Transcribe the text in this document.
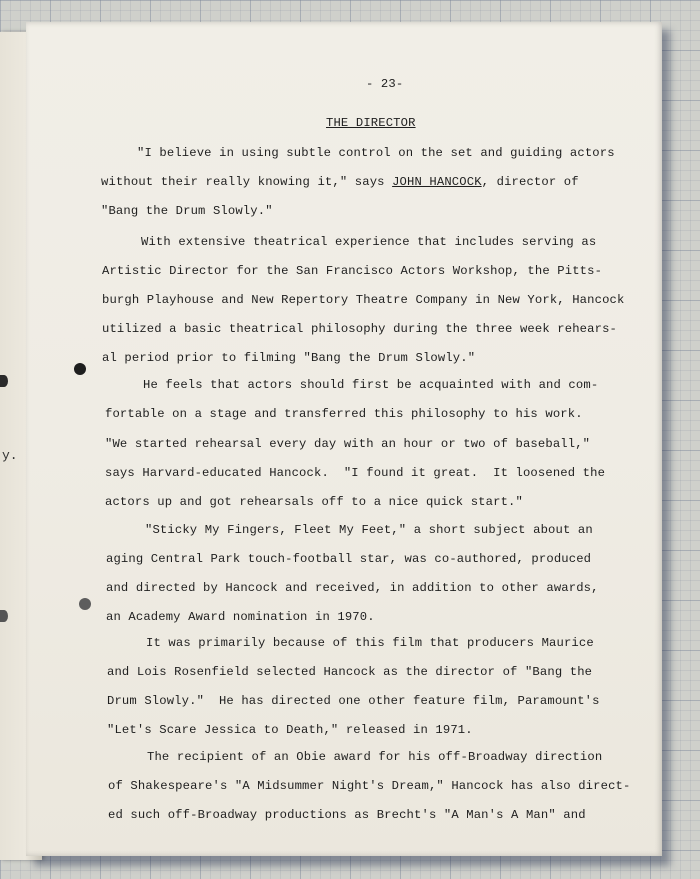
y.
- 23-
THE DIRECTOR
"I believe in using subtle control on the set and guiding actors
without their really knowing it," says JOHN HANCOCK, director of
"Bang the Drum Slowly."
With extensive theatrical experience that includes serving as
Artistic Director for the San Francisco Actors Workshop, the Pitts-
burgh Playhouse and New Repertory Theatre Company in New York, Hancock
utilized a basic theatrical philosophy during the three week rehears-
al period prior to filming "Bang the Drum Slowly."
He feels that actors should first be acquainted with and com-
fortable on a stage and transferred this philosophy to his work.
"We started rehearsal every day with an hour or two of baseball,"
says Harvard-educated Hancock.  "I found it great.  It loosened the
actors up and got rehearsals off to a nice quick start."
"Sticky My Fingers, Fleet My Feet," a short subject about an
aging Central Park touch-football star, was co-authored, produced
and directed by Hancock and received, in addition to other awards,
an Academy Award nomination in 1970.
It was primarily because of this film that producers Maurice
and Lois Rosenfield selected Hancock as the director of "Bang the
Drum Slowly."  He has directed one other feature film, Paramount's
"Let's Scare Jessica to Death," released in 1971.
The recipient of an Obie award for his off-Broadway direction
of Shakespeare's "A Midsummer Night's Dream," Hancock has also direct-
ed such off-Broadway productions as Brecht's "A Man's A Man" and
